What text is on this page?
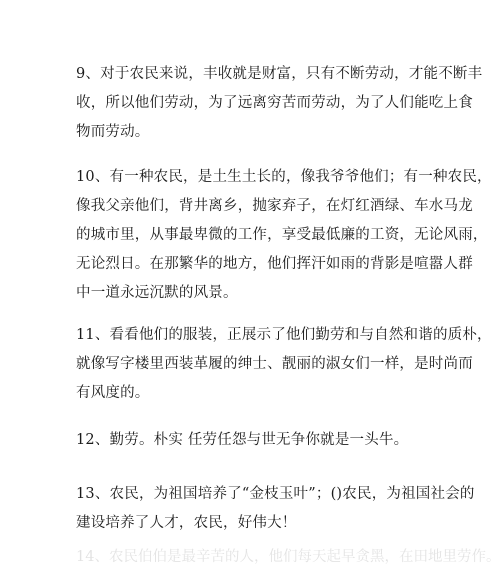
9、对于农民来说，丰收就是财富，只有不断劳动，才能不断丰
收，所以他们劳动，为了远离穷苦而劳动，为了人们能吃上食
物而劳动。
10、有一种农民，是土生土长的，像我爷爷他们；有一种农民，
像我父亲他们，背井离乡，抛家弃子，在灯红酒绿、车水马龙
的城市里，从事最卑微的工作，享受最低廉的工资，无论风雨，
无论烈日。在那繁华的地方，他们挥汗如雨的背影是喧嚣人群
中一道永远沉默的风景。
11、看看他们的服装，正展示了他们勤劳和与自然和谐的质朴，
就像写字楼里西装革履的绅士、靓丽的淑女们一样，是时尚而
有风度的。
12、勤劳。朴实 任劳任怨与世无争你就是一头牛。
13、农民，为祖国培养了“金枝玉叶”；()农民，为祖国社会的
建设培养了人才，农民，好伟大！
14、农民伯伯是最辛苦的人，他们每天起早贪黑，在田地里劳作。
